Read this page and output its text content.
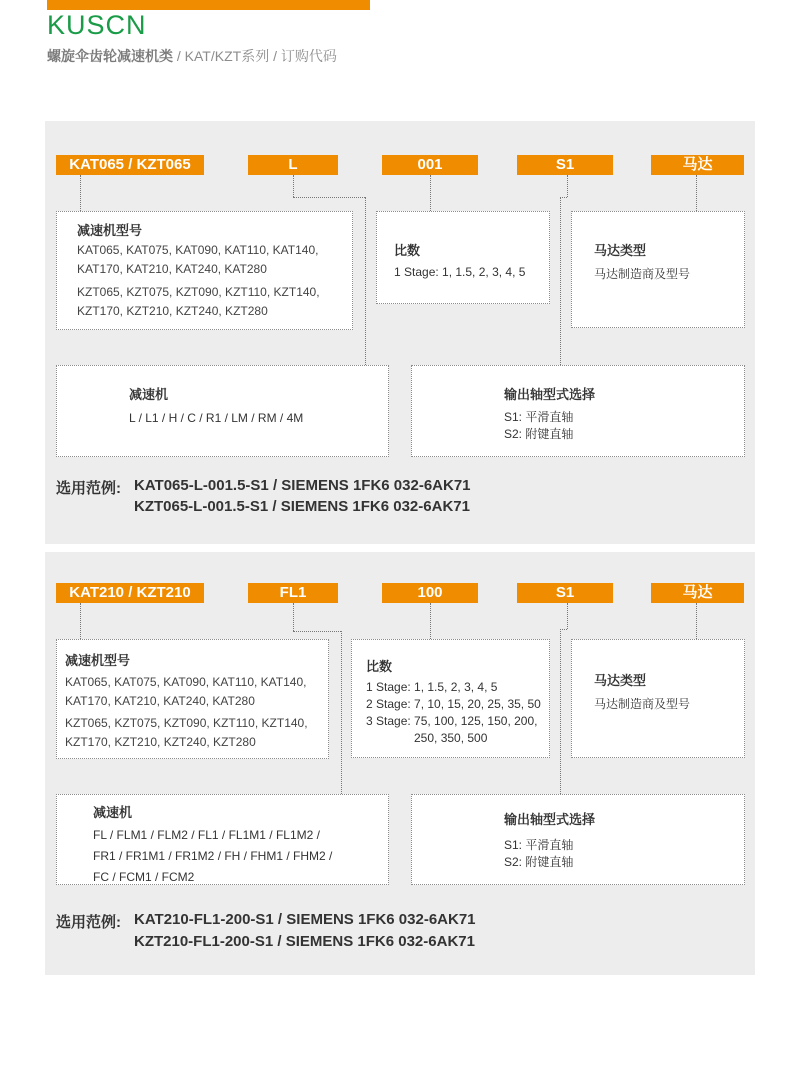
KUSCN
螺旋伞齿轮减速机类 / KAT/KZT系列 / 订购代码
KAT065 / KZT065	L	001	S1	马达
减速机型号
KAT065, KAT075, KAT090, KAT110, KAT140,
KAT170, KAT210, KAT240, KAT280
KZT065, KZT075, KZT090, KZT110, KZT140,
KZT170, KZT210, KZT240, KZT280
比数
1 Stage: 1, 1.5, 2, 3, 4, 5
马达类型
马达制造商及型号
减速机
L / L1 / H / C / R1 / LM / RM / 4M
输出轴型式选择
S1: 平滑直轴
S2: 附键直轴
选用范例: KAT065-L-001.5-S1 / SIEMENS 1FK6 032-6AK71
KZT065-L-001.5-S1 / SIEMENS 1FK6 032-6AK71
KAT210 / KZT210	FL1	100	S1	马达
减速机型号
KAT065, KAT075, KAT090, KAT110, KAT140,
KAT170, KAT210, KAT240, KAT280
KZT065, KZT075, KZT090, KZT110, KZT140,
KZT170, KZT210, KZT240, KZT280
比数
1 Stage: 1, 1.5, 2, 3, 4, 5
2 Stage: 7, 10, 15, 20, 25, 35, 50
3 Stage: 75, 100, 125, 150, 200,
250, 350, 500
马达类型
马达制造商及型号
减速机
FL / FLM1 / FLM2 / FL1 / FL1M1 / FL1M2 /
FR1 / FR1M1 / FR1M2 / FH / FHM1 / FHM2 /
FC / FCM1 / FCM2
输出轴型式选择
S1: 平滑直轴
S2: 附键直轴
选用范例: KAT210-FL1-200-S1 / SIEMENS 1FK6 032-6AK71
KZT210-FL1-200-S1 / SIEMENS 1FK6 032-6AK71
